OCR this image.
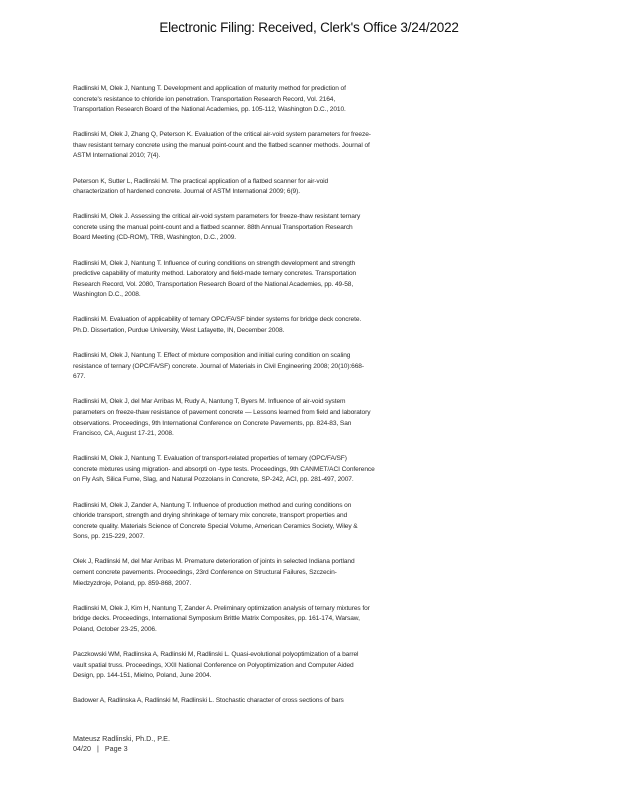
Electronic Filing: Received, Clerk's Office 3/24/2022
Radlinski M, Olek J, Nantung T. Development and application of maturity method for prediction of
concrete's resistance to chloride ion penetration. Transportation Research Record, Vol. 2164,
Transportation Research Board of the National Academies, pp. 105-112, Washington D.C., 2010.
Radlinski M, Olek J, Zhang Q, Peterson K. Evaluation of the critical air-void system parameters for freeze-
thaw resistant ternary concrete using the manual point-count and the flatbed scanner methods. Journal of
ASTM International 2010; 7(4).
Peterson K, Sutter L, Radlinski M. The practical application of a flatbed scanner for air-void
characterization of hardened concrete. Journal of ASTM International 2009; 6(9).
Radlinski M, Olek J. Assessing the critical air-void system parameters for freeze-thaw resistant ternary
concrete using the manual point-count and a flatbed scanner. 88th Annual Transportation Research
Board Meeting (CD-ROM), TRB, Washington, D.C., 2009.
Radlinski M, Olek J, Nantung T. Influence of curing conditions on strength development and strength
predictive capability of maturity method. Laboratory and field-made ternary concretes. Transportation
Research Record, Vol. 2080, Transportation Research Board of the National Academies, pp. 49-58,
Washington D.C., 2008.
Radlinski M. Evaluation of applicability of ternary OPC/FA/SF binder systems for bridge deck concrete.
Ph.D. Dissertation, Purdue University, West Lafayette, IN, December 2008.
Radlinski M, Olek J, Nantung T. Effect of mixture composition and initial curing condition on scaling
resistance of ternary (OPC/FA/SF) concrete. Journal of Materials in Civil Engineering 2008; 20(10):668-
677.
Radlinski M, Olek J, del Mar Arribas M, Rudy A, Nantung T, Byers M. Influence of air-void system
parameters on freeze-thaw resistance of pavement concrete — Lessons learned from field and laboratory
observations. Proceedings, 9th International Conference on Concrete Pavements, pp. 824-83, San
Francisco, CA, August 17-21, 2008.
Radlinski M, Olek J, Nantung T. Evaluation of transport-related properties of ternary (OPC/FA/SF)
concrete mixtures using migration- and absorpti on -type tests. Proceedings, 9th CANMET/ACI Conference
on Fly Ash, Silica Fume, Slag, and Natural Pozzolans in Concrete, SP-242, ACI, pp. 281-497, 2007.
Radlinski M, Olek J, Zander A, Nantung T. Influence of production method and curing conditions on
chloride transport, strength and drying shrinkage of ternary mix concrete, transport properties and
concrete quality. Materials Science of Concrete Special Volume, American Ceramics Society, Wiley &
Sons, pp. 215-229, 2007.
Olek J, Radlinski M, del Mar Arribas M. Premature deterioration of joints in selected Indiana portland
cement concrete pavements. Proceedings, 23rd Conference on Structural Failures, Szczecin-
Miedzyzdroje, Poland, pp. 859-868, 2007.
Radlinski M, Olek J, Kim H, Nantung T, Zander A. Preliminary optimization analysis of ternary mixtures for
bridge decks. Proceedings, International Symposium Brittle Matrix Composites, pp. 161-174, Warsaw,
Poland, October 23-25, 2006.
Paczkowski WM, Radlinska A, Radlinski M, Radlinski L. Quasi-evolutional polyoptimization of a barrel
vault spatial truss. Proceedings, XXII National Conference on Polyoptimization and Computer Aided
Design, pp. 144-151, Mielno, Poland, June 2004.
Badower A, Radlinska A, Radlinski M, Radlinski L. Stochastic character of cross sections of bars
Mateusz Radlinski, Ph.D., P.E.
04/20 | Page 3
